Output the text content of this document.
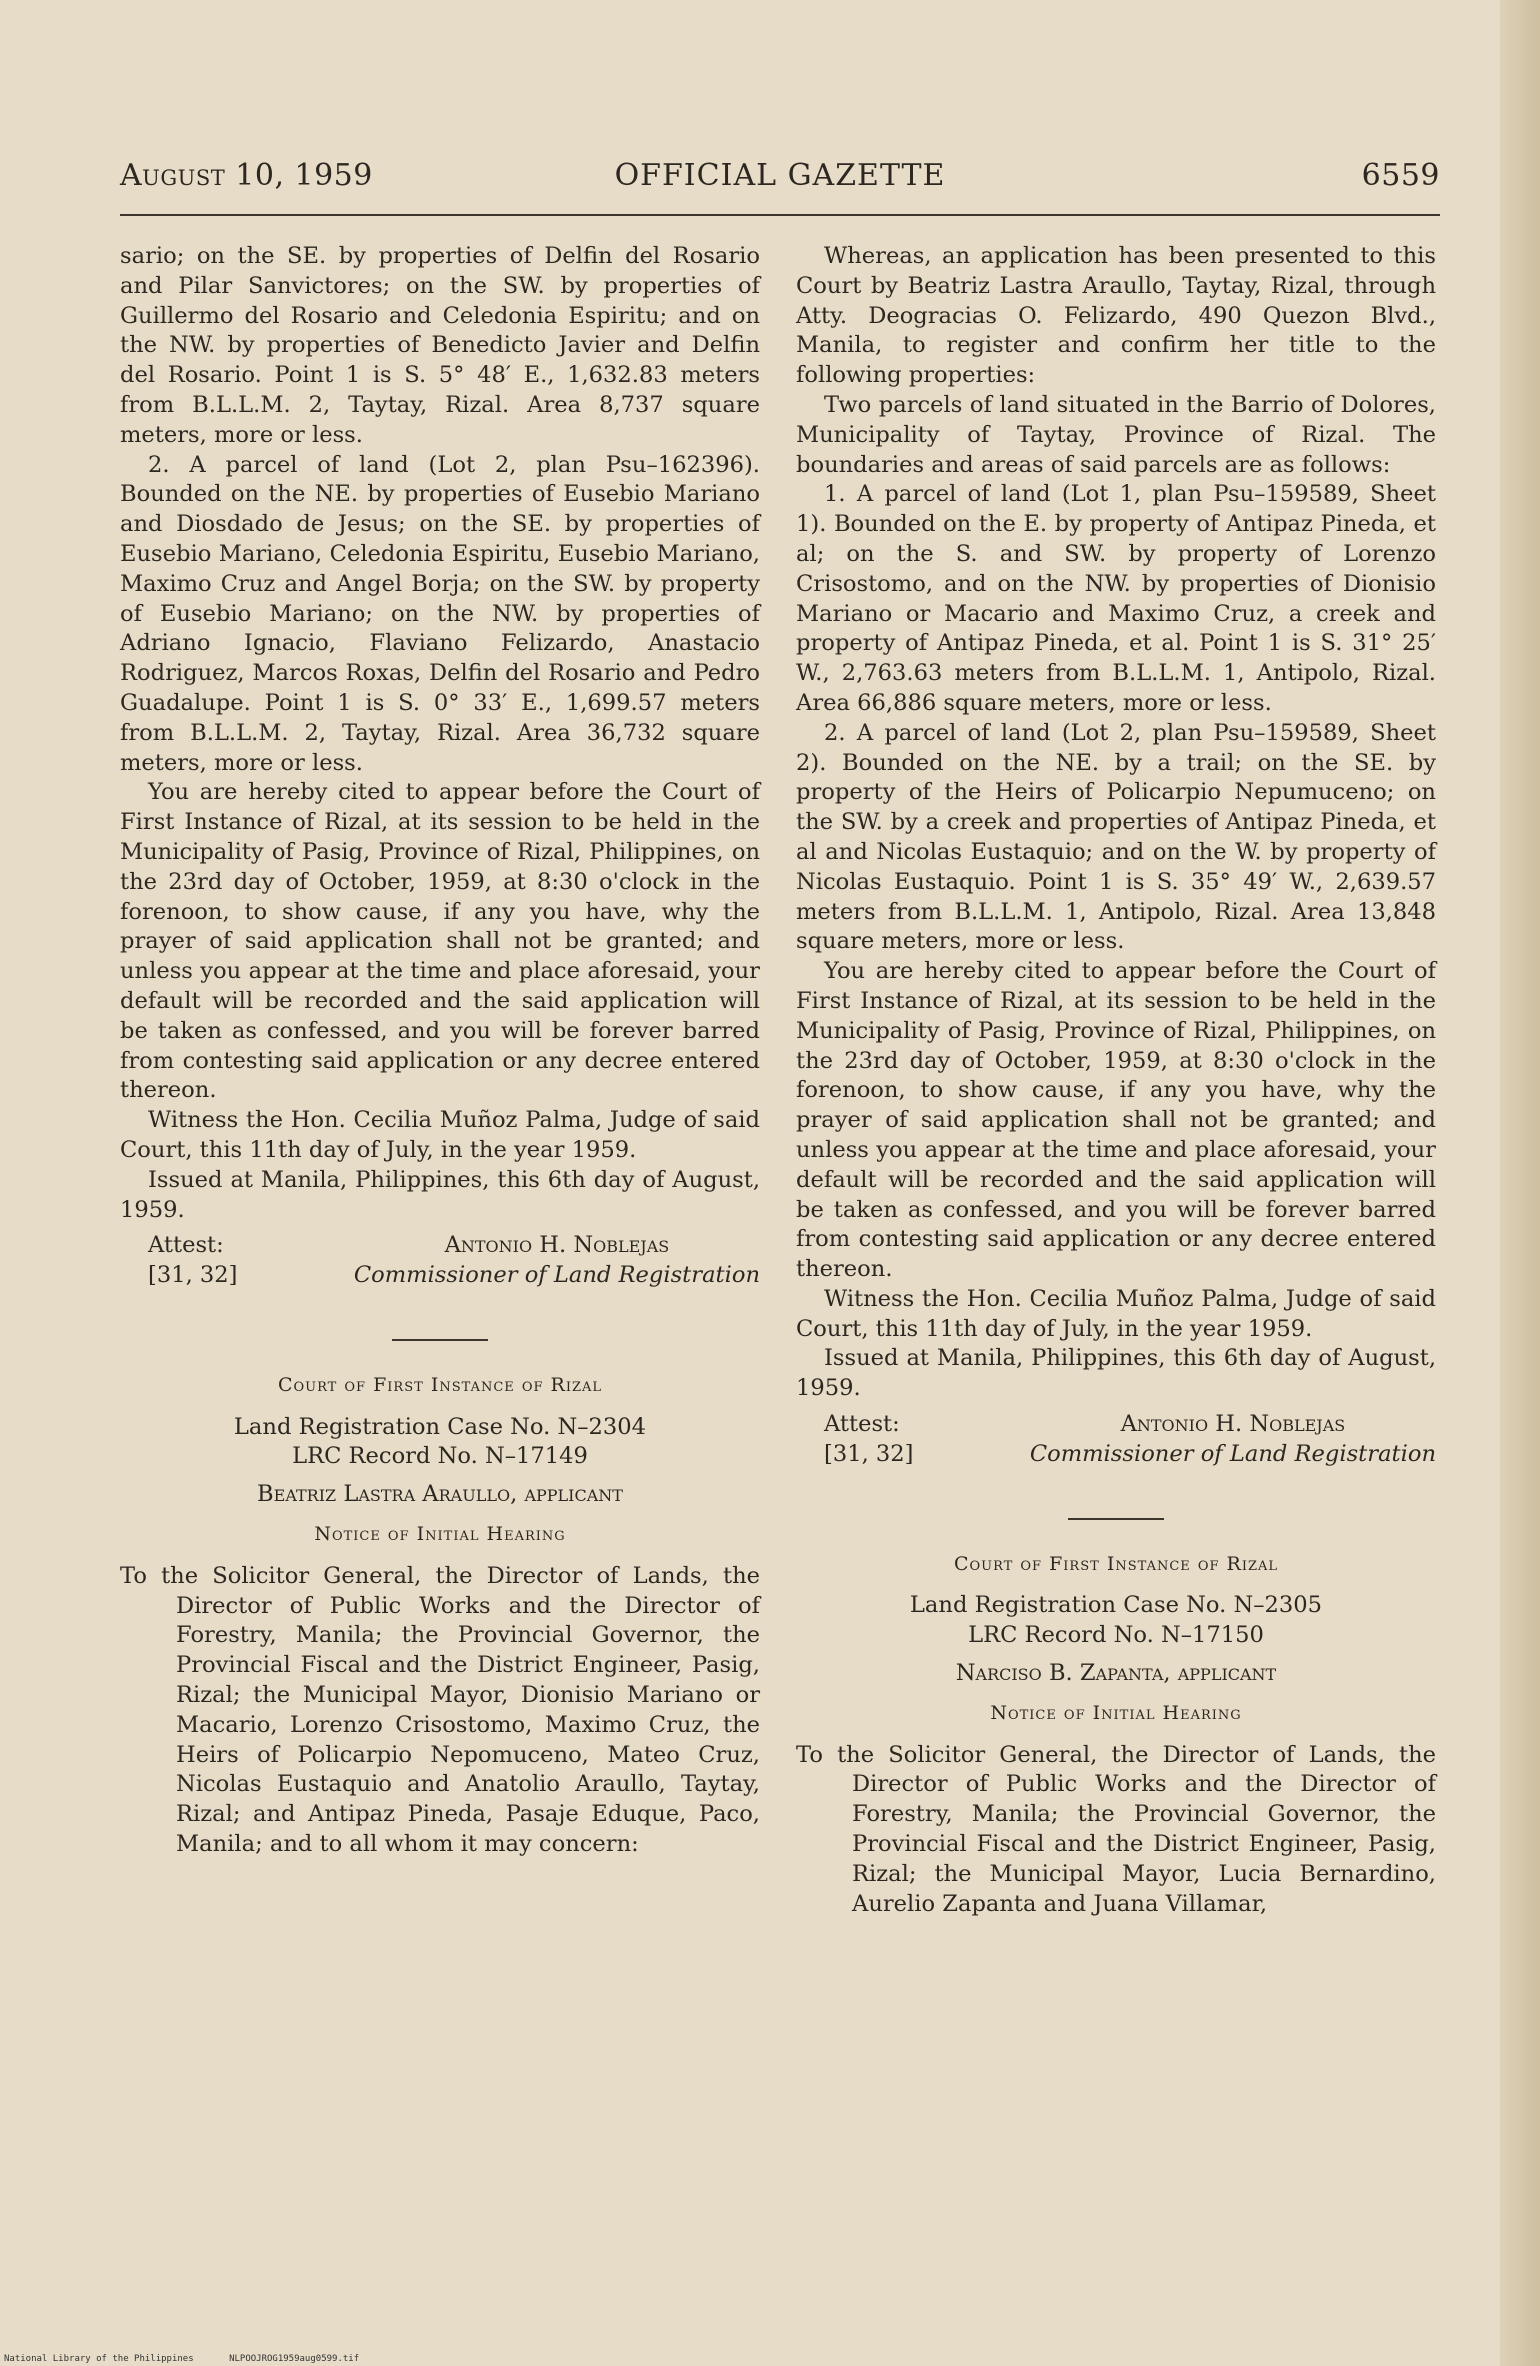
August 10, 1959	OFFICIAL GAZETTE	6559

sario; on the SE. by properties of Delfin del Rosario and Pilar Sanvictores; on the SW. by properties of Guillermo del Rosario and Celedonia Espiritu; and on the NW. by properties of Benedicto Javier and Delfin del Rosario. Point 1 is S. 5° 48′ E., 1,632.83 meters from B.L.L.M. 2, Taytay, Rizal. Area 8,737 square meters, more or less.

2. A parcel of land (Lot 2, plan Psu–162396). Bounded on the NE. by properties of Eusebio Mariano and Diosdado de Jesus; on the SE. by properties of Eusebio Mariano, Celedonia Espiritu, Eusebio Mariano, Maximo Cruz and Angel Borja; on the SW. by property of Eusebio Mariano; on the NW. by properties of Adriano Ignacio, Flaviano Felizardo, Anastacio Rodriguez, Marcos Roxas, Delfin del Rosario and Pedro Guadalupe. Point 1 is S. 0° 33′ E., 1,699.57 meters from B.L.L.M. 2, Taytay, Rizal. Area 36,732 square meters, more or less.

You are hereby cited to appear before the Court of First Instance of Rizal, at its session to be held in the Municipality of Pasig, Province of Rizal, Philippines, on the 23rd day of October, 1959, at 8:30 o'clock in the forenoon, to show cause, if any you have, why the prayer of said application shall not be granted; and unless you appear at the time and place aforesaid, your default will be recorded and the said application will be taken as confessed, and you will be forever barred from contesting said application or any decree entered thereon.

Witness the Hon. Cecilia Muñoz Palma, Judge of said Court, this 11th day of July, in the year 1959.

Issued at Manila, Philippines, this 6th day of August, 1959.

Attest:
[31, 32]
Antonio H. Noblejas
Commissioner of Land Registration
Court of First Instance of Rizal
Land Registration Case No. N–2304
LRC Record No. N–17149
Beatriz Lastra Araullo, applicant
Notice of Initial Hearing

To the Solicitor General, the Director of Lands, the Director of Public Works and the Director of Forestry, Manila; the Provincial Governor, the Provincial Fiscal and the District Engineer, Pasig, Rizal; the Municipal Mayor, Dionisio Mariano or Macario, Lorenzo Crisostomo, Maximo Cruz, the Heirs of Policarpio Nepomuceno, Mateo Cruz, Nicolas Eustaquio and Anatolio Araullo, Taytay, Rizal; and Antipaz Pineda, Pasaje Eduque, Paco, Manila; and to all whom it may concern:

Whereas, an application has been presented to this Court by Beatriz Lastra Araullo, Taytay, Rizal, through Atty. Deogracias O. Felizardo, 490 Quezon Blvd., Manila, to register and confirm her title to the following properties:

Two parcels of land situated in the Barrio of Dolores, Municipality of Taytay, Province of Rizal. The boundaries and areas of said parcels are as follows:

1. A parcel of land (Lot 1, plan Psu–159589, Sheet 1). Bounded on the E. by property of Antipaz Pineda, et al; on the S. and SW. by property of Lorenzo Crisostomo, and on the NW. by properties of Dionisio Mariano or Macario and Maximo Cruz, a creek and property of Antipaz Pineda, et al. Point 1 is S. 31° 25′ W., 2,763.63 meters from B.L.L.M. 1, Antipolo, Rizal. Area 66,886 square meters, more or less.

2. A parcel of land (Lot 2, plan Psu–159589, Sheet 2). Bounded on the NE. by a trail; on the SE. by property of the Heirs of Policarpio Nepumuceno; on the SW. by a creek and properties of Antipaz Pineda, et al and Nicolas Eustaquio; and on the W. by property of Nicolas Eustaquio. Point 1 is S. 35° 49′ W., 2,639.57 meters from B.L.L.M. 1, Antipolo, Rizal. Area 13,848 square meters, more or less.

You are hereby cited to appear before the Court of First Instance of Rizal, at its session to be held in the Municipality of Pasig, Province of Rizal, Philippines, on the 23rd day of October, 1959, at 8:30 o'clock in the forenoon, to show cause, if any you have, why the prayer of said application shall not be granted; and unless you appear at the time and place aforesaid, your default will be recorded and the said application will be taken as confessed, and you will be forever barred from contesting said application or any decree entered thereon.

Witness the Hon. Cecilia Muñoz Palma, Judge of said Court, this 11th day of July, in the year 1959.

Issued at Manila, Philippines, this 6th day of August, 1959.

Attest:
[31, 32]
Antonio H. Noblejas
Commissioner of Land Registration
Court of First Instance of Rizal
Land Registration Case No. N–2305
LRC Record No. N–17150
Narciso B. Zapanta, applicant
Notice of Initial Hearing

To the Solicitor General, the Director of Lands, the Director of Public Works and the Director of Forestry, Manila; the Provincial Governor, the Provincial Fiscal and the District Engineer, Pasig, Rizal; the Municipal Mayor, Lucia Bernardino, Aurelio Zapanta and Juana Villamar,

National Library of the Philippines	NLPOOJROG1959aug0599.tif
